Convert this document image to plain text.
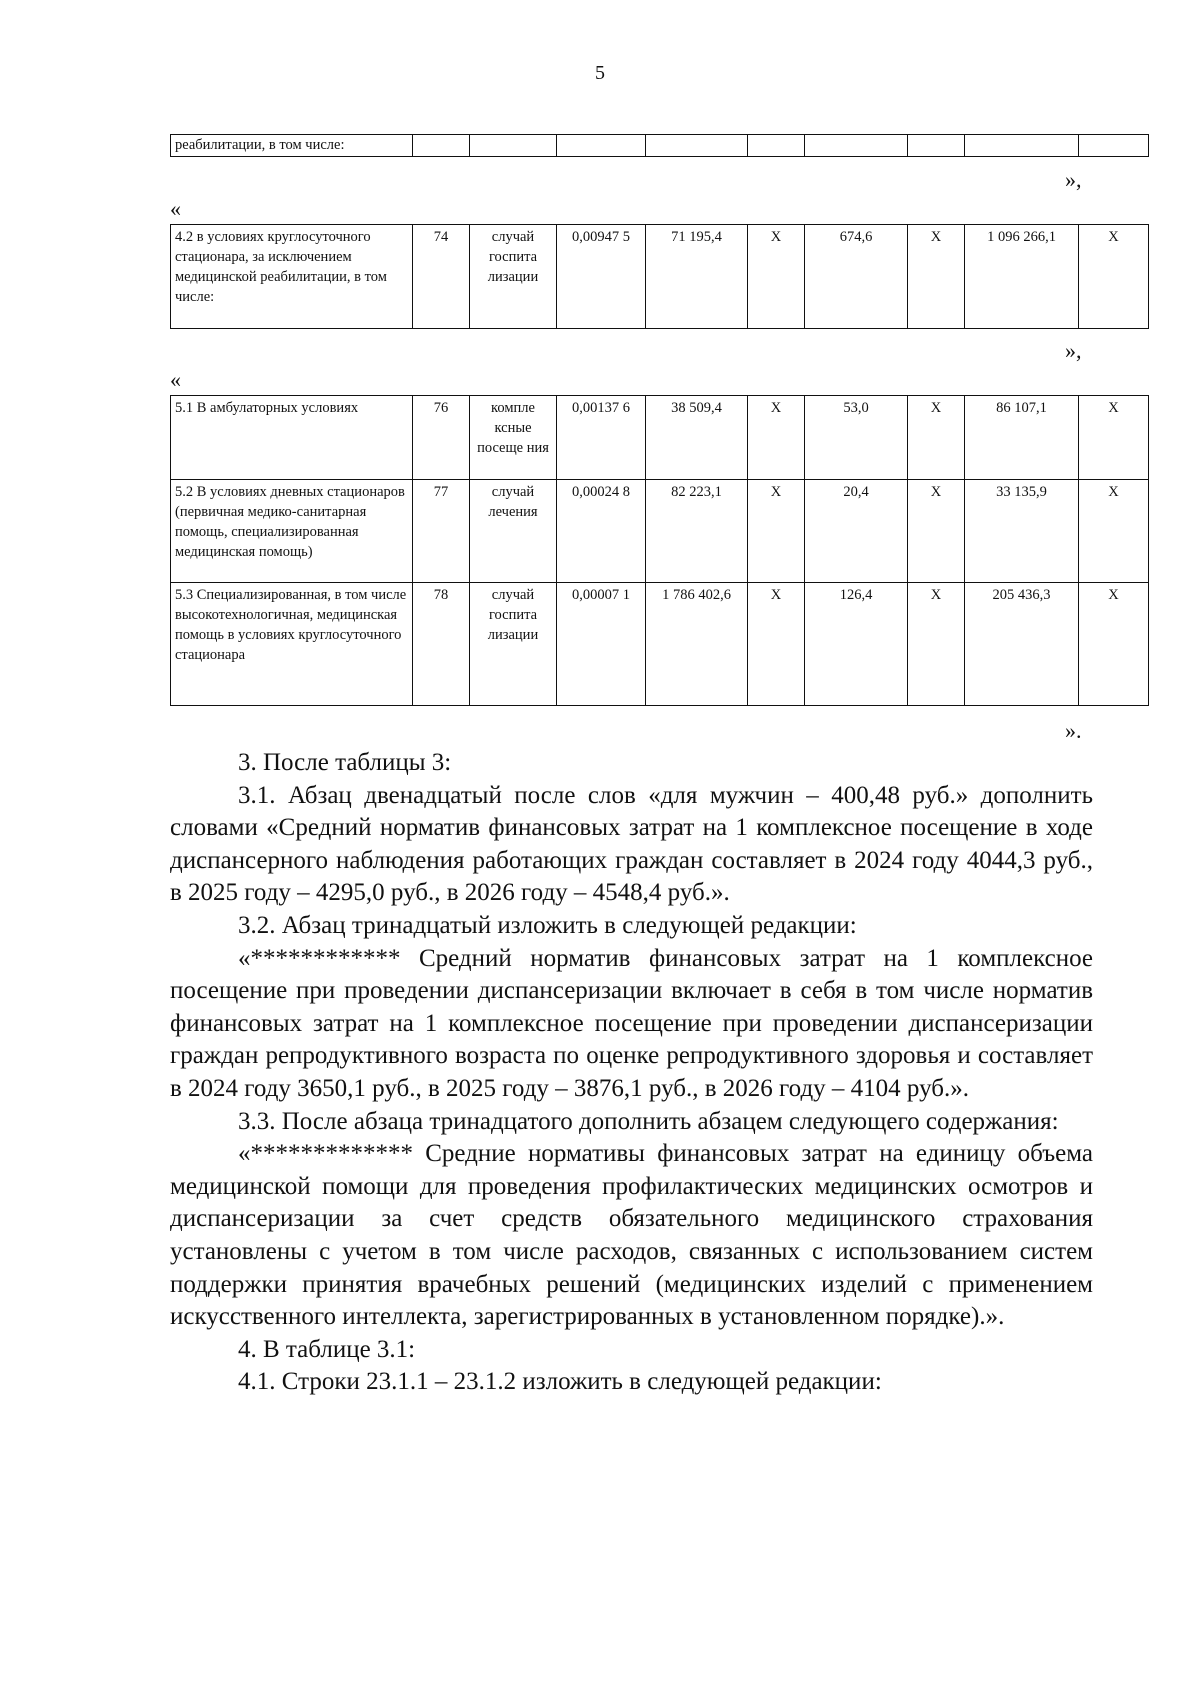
5
реабилитации, в том числе:									
»,
«
4.2 в условиях круглосуточного стационара, за исключением медицинской реабилитации, в том числе:	74	случай госпита лизации	0,00947 5	71 195,4	Х	674,6	Х	1 096 266,1	Х
»,
«
5.1 В амбулаторных условиях	76	компле ксные посеще ния	0,00137 6	38 509,4	Х	53,0	Х	86 107,1	Х
5.2 В условиях дневных стационаров (первичная медико-санитарная помощь, специализированная медицинская помощь)	77	случай лечения	0,00024 8	82 223,1	Х	20,4	Х	33 135,9	Х
5.3 Специализированная, в том числе высокотехнологичная, медицинская помощь в условиях круглосуточного стационара	78	случай госпита лизации	0,00007 1	1 786 402,6	Х	126,4	Х	205 436,3	Х
».

3. После таблицы 3:

3.1. Абзац двенадцатый после слов «для мужчин – 400,48 руб.» дополнить словами «Средний норматив финансовых затрат на 1 комплексное посещение в ходе диспансерного наблюдения работающих граждан составляет в 2024 году 4044,3 руб., в 2025 году – 4295,0 руб., в 2026 году – 4548,4 руб.».

3.2. Абзац тринадцатый изложить в следующей редакции:

«************ Средний норматив финансовых затрат на 1 комплексное посещение при проведении диспансеризации включает в себя в том числе норматив финансовых затрат на 1 комплексное посещение при проведении диспансеризации граждан репродуктивного возраста по оценке репродуктивного здоровья и составляет в 2024 году 3650,1 руб., в 2025 году – 3876,1 руб., в 2026 году – 4104 руб.».

3.3. После абзаца тринадцатого дополнить абзацем следующего содержания:

«************* Средние нормативы финансовых затрат на единицу объема медицинской помощи для проведения профилактических медицинских осмотров и диспансеризации за счет средств обязательного медицинского страхования установлены с учетом в том числе расходов, связанных с использованием систем поддержки принятия врачебных решений (медицинских изделий с применением искусственного интеллекта, зарегистрированных в установленном порядке).».

4. В таблице 3.1:

4.1. Строки 23.1.1 – 23.1.2 изложить в следующей редакции:
